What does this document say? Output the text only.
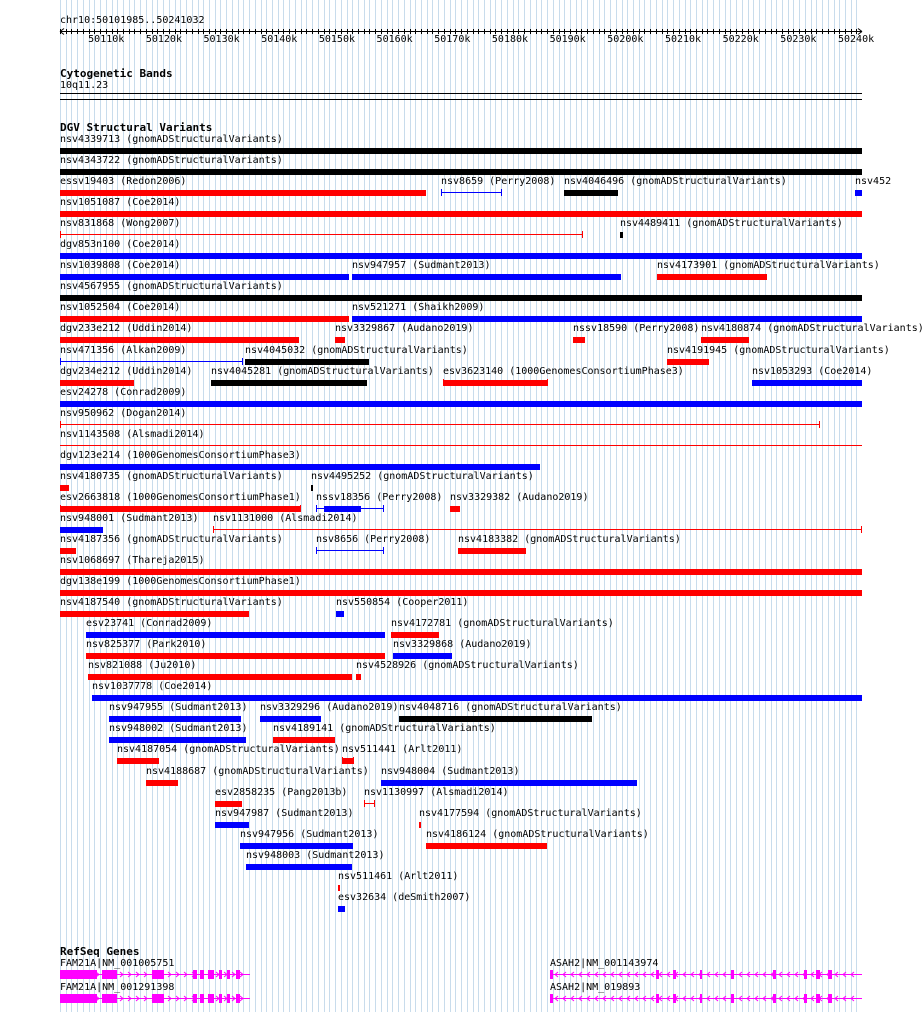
chr10:50101985..50241032
50110k 50120k 50130k 50140k 50150k 50160k 50170k 50180k 50190k 50200k 50210k 50220k 50230k 50240k
Cytogenetic Bands
10q11.23
DGV Structural Variants
nsv4339713 (gnomADStructuralVariants)
nsv4343722 (gnomADStructuralVariants)
essv19403 (Redon2006)	nsv8659 (Perry2008) nsv4046496 (gnomADStructuralVariants)	nsv452
nsv1051087 (Coe2014)
nsv831868 (Wong2007)	nsv4489411 (gnomADStructuralVariants)
dgv853n100 (Coe2014)
nsv1039808 (Coe2014)	nsv947957 (Sudmant2013)	nsv4173901 (gnomADStructuralVariants)
nsv4567955 (gnomADStructuralVariants)
nsv1052504 (Coe2014)	nsv521271 (Shaikh2009)
dgv233e212 (Uddin2014)	nsv3329867 (Audano2019)	nssv18590 (Perry2008) nsv4180874 (gnomADStructuralVariants)
nsv471356 (Alkan2009)	nsv4045032 (gnomADStructuralVariants)	nsv4191945 (gnomADStructuralVariants)
dgv234e212 (Uddin2014) nsv4045281 (gnomADStructuralVariants) esv3623140 (1000GenomesConsortiumPhase3)	nsv1053293 (Coe2014)
esv24278 (Conrad2009)
nsv950962 (Dogan2014)
nsv1143508 (Alsmadi2014)
dgv123e214 (1000GenomesConsortiumPhase3)
nsv4180735 (gnomADStructuralVariants)	nsv4495252 (gnomADStructuralVariants)
esv2663818 (1000GenomesConsortiumPhase1) nssv18356 (Perry2008) nsv3329382 (Audano2019)
nsv948001 (Sudmant2013) nsv1131000 (Alsmadi2014)
nsv4187356 (gnomADStructuralVariants)	nsv8656 (Perry2008)	nsv4183382 (gnomADStructuralVariants)
nsv1068697 (Thareja2015)
dgv138e199 (1000GenomesConsortiumPhase1)
nsv4187540 (gnomADStructuralVariants)	nsv550854 (Cooper2011)
esv23741 (Conrad2009)	nsv4172781 (gnomADStructuralVariants)
nsv825377 (Park2010)	nsv3329868 (Audano2019)
nsv821088 (Ju2010)	nsv4528926 (gnomADStructuralVariants)
nsv1037778 (Coe2014)
nsv947955 (Sudmant2013) nsv3329296 (Audano2019) nsv4048716 (gnomADStructuralVariants)
nsv948002 (Sudmant2013)	nsv4189141 (gnomADStructuralVariants)
nsv4187054 (gnomADStructuralVariants) nsv511441 (Arlt2011)
nsv4188687 (gnomADStructuralVariants) nsv948004 (Sudmant2013)
esv2858235 (Pang2013b) nsv1130997 (Alsmadi2014)
nsv947987 (Sudmant2013)	nsv4177594 (gnomADStructuralVariants)
nsv947956 (Sudmant2013)	nsv4186124 (gnomADStructuralVariants)
nsv948003 (Sudmant2013)
nsv511461 (Arlt2011)
esv32634 (deSmith2007)
RefSeq Genes
FAM21A|NM_001005751
FAM21A|NM_001291398
ASAH2|NM_001143974
ASAH2|NM_019893
